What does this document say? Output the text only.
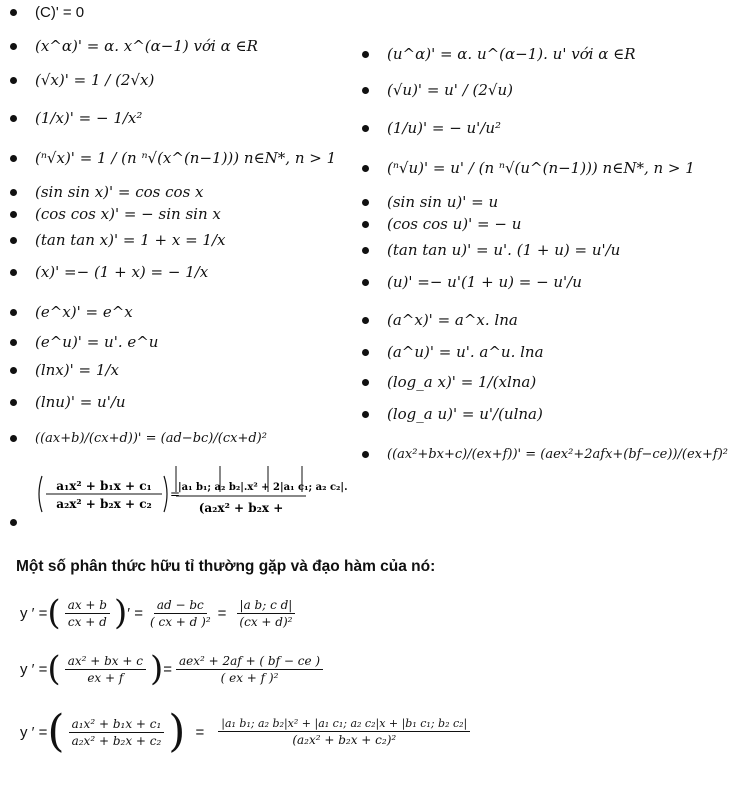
(C)' = 0
(x^α)' = α. x^(α−1) với α ∈R
(√x)' = 1 / (2√x)
(1/x)' = − 1/x²
(ⁿ√x)' = 1 / (n ⁿ√(x^(n−1))) n∈N*, n > 1
(sin sin x)' = cos cos x
(cos cos x)' = − sin sin x
(tan tan x)' = 1 + x = 1/x
(x)' =− (1 + x) = − 1/x
(e^x)' = e^x
(e^u)' = u'. e^u
(lnx)' = 1/x
(lnu)' = u'/u
((ax+b)/(cx+d))' = (ad−bc)/(cx+d)²
=
a₁x² + b₁x + c₁
a₂x² + b₂x + c₂
|a₁ b₁; a₂ b₂|.x² + 2|a₁ c₁; a₂ c₂|.
(a₂x² + b₂x +
(u^α)' = α. u^(α−1). u' với α ∈R
(√u)' = u' / (2√u)
(1/u)' = − u'/u²
(ⁿ√u)' = u' / (n ⁿ√(u^(n−1))) n∈N*, n > 1
(sin sin u)' = u
(cos cos u)' = − u
(tan tan u)' = u'. (1 + u) = u'/u
(u)' =− u'(1 + u) = − u'/u
(a^x)' = a^x. lna
(a^u)' = u'. a^u. lna
(log_a x)' = 1/(xlna)
(log_a u)' = u'/(ulna)
((ax²+bx+c)/(ex+f))' = (aex²+2afx+(bf−ce))/(ex+f)²
Một số phân thức hữu tỉ thường gặp và đạo hàm của nó:
y ′ = ( $\frac{ax + b}{cx + d}$ ) ′ = $\frac{ad - bc}{\text{( cx + d )²}} = \frac{\text{|a b; c d|}}{\text{(cx + d)²}}$
y ′ = ( $\frac{\text{ax² + bx + c}}{ex + f}$ ) = $\frac{\text{aex² + 2af + ( bf − ce )}}{\text{( ex + f )²}}$
y ′ = ( $\frac{\text{a₁x² + b₁x + c₁}}{\text{a₂x² + b₂x + c₂}}$ ) = $\frac{\text{|a₁ b₁; a₂ b₂|x² + |a₁ c₁; a₂ c₂|x + |b₁ c₁; b₂ c₂|}}{\text{(a₂x² + b₂x + c₂)²}}$
